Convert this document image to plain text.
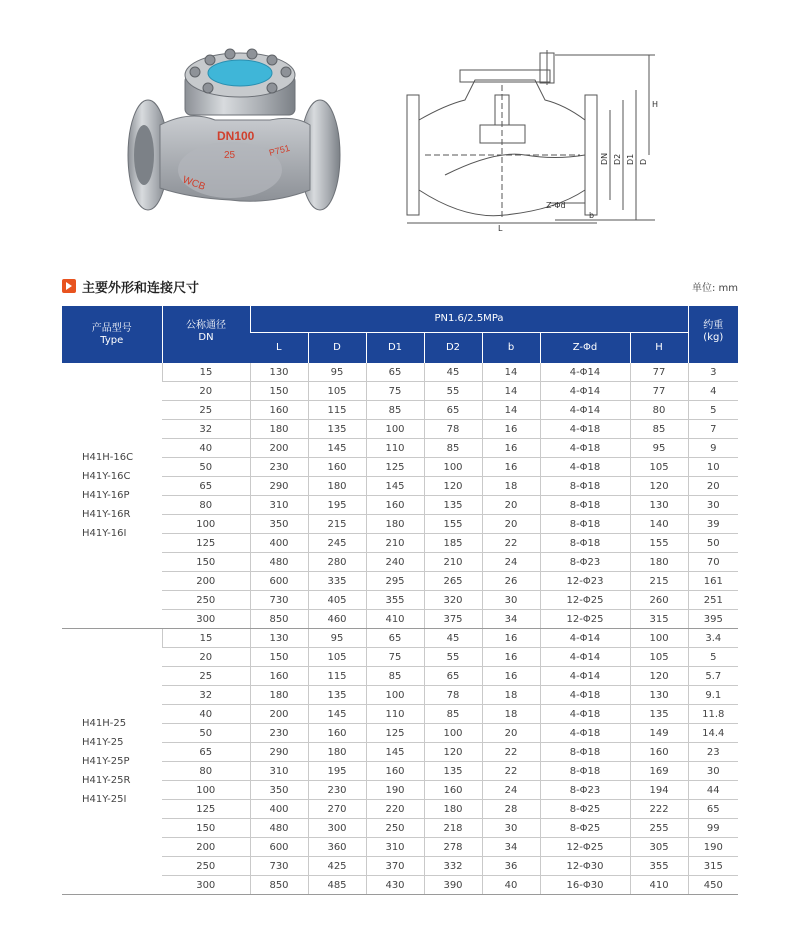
DN100
25	P751
WCB
H
DN D2 D1 D
L
Z-Φd
b
主要外形和连接尺寸	单位: mm
产品型号
Type	公称通径
DN	PN1.6/2.5MPa							约重
(kg)

		L	D	D1	D2	b	Z-Φd	H	

H41H-16C
H41Y-16C
H41Y-16P
H41Y-16R
H41Y-16I	15	130	95	65	45	14	4-Φ14	77	3
	20	150	105	75	55	14	4-Φ14	77	4
	25	160	115	85	65	14	4-Φ14	80	5
	32	180	135	100	78	16	4-Φ18	85	7
	40	200	145	110	85	16	4-Φ18	95	9
	50	230	160	125	100	16	4-Φ18	105	10
	65	290	180	145	120	18	8-Φ18	120	20
	80	310	195	160	135	20	8-Φ18	130	30
	100	350	215	180	155	20	8-Φ18	140	39
	125	400	245	210	185	22	8-Φ18	155	50
	150	480	280	240	210	24	8-Φ23	180	70
	200	600	335	295	265	26	12-Φ23	215	161
	250	730	405	355	320	30	12-Φ25	260	251
	300	850	460	410	375	34	12-Φ25	315	395

H41H-25
H41Y-25
H41Y-25P
H41Y-25R
H41Y-25I	15	130	95	65	45	16	4-Φ14	100	3.4
	20	150	105	75	55	16	4-Φ14	105	5
	25	160	115	85	65	16	4-Φ14	120	5.7
	32	180	135	100	78	18	4-Φ18	130	9.1
	40	200	145	110	85	18	4-Φ18	135	11.8
	50	230	160	125	100	20	4-Φ18	149	14.4
	65	290	180	145	120	22	8-Φ18	160	23
	80	310	195	160	135	22	8-Φ18	169	30
	100	350	230	190	160	24	8-Φ23	194	44
	125	400	270	220	180	28	8-Φ25	222	65
	150	480	300	250	218	30	8-Φ25	255	99
	200	600	360	310	278	34	12-Φ25	305	190
	250	730	425	370	332	36	12-Φ30	355	315
	300	850	485	430	390	40	16-Φ30	410	450
